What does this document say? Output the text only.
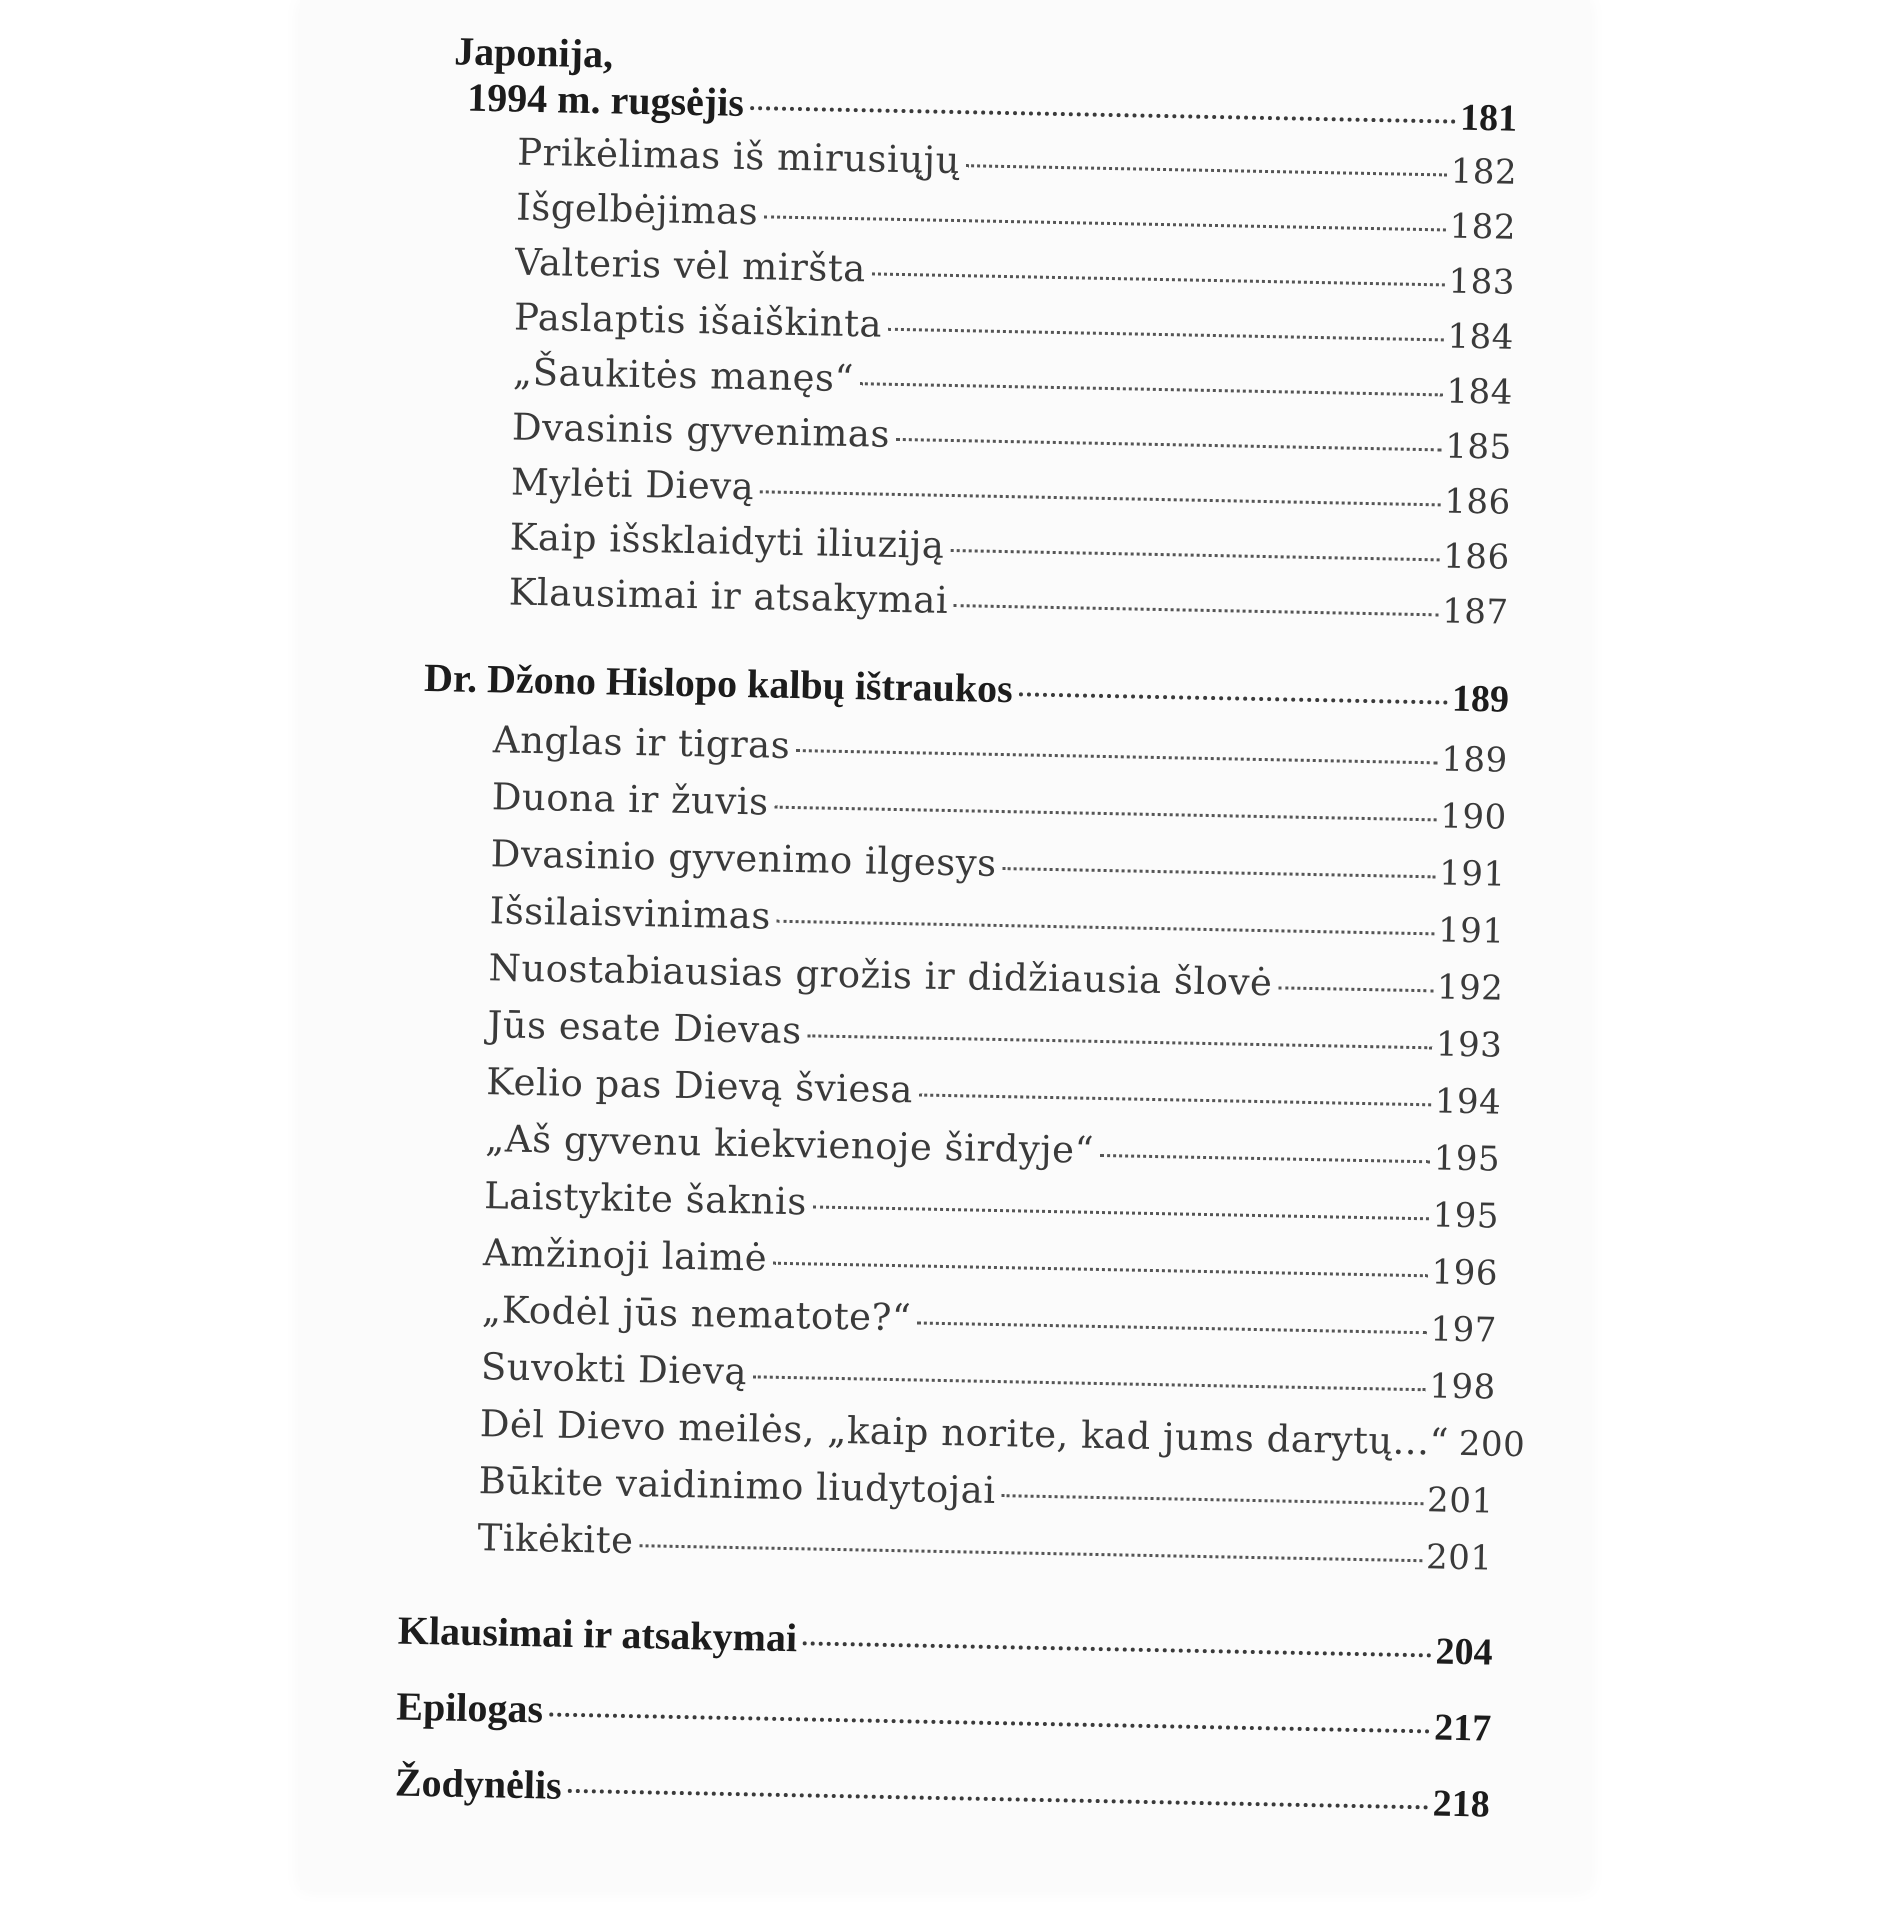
Japonija,
1994 m. rugsėjis	181
Prikėlimas iš mirusiųjų	182
Išgelbėjimas	182
Valteris vėl miršta	183
Paslaptis išaiškinta	184
„Šaukitės manęs“	184
Dvasinis gyvenimas	185
Mylėti Dievą	186
Kaip išsklaidyti iliuziją	186
Klausimai ir atsakymai	187
Dr. Džono Hislopo kalbų ištraukos	189
Anglas ir tigras	189
Duona ir žuvis	190
Dvasinio gyvenimo ilgesys	191
Išsilaisvinimas	191
Nuostabiausias grožis ir didžiausia šlovė	192
Jūs esate Dievas	193
Kelio pas Dievą šviesa	194
„Aš gyvenu kiekvienoje širdyje“	195
Laistykite šaknis	195
Amžinoji laimė	196
„Kodėl jūs nematote?“	197
Suvokti Dievą	198
Dėl Dievo meilės, „kaip norite, kad jums darytų...“ 200
Būkite vaidinimo liudytojai	201
Tikėkite	201
Klausimai ir atsakymai	204
Epilogas	217
Žodynėlis	218
